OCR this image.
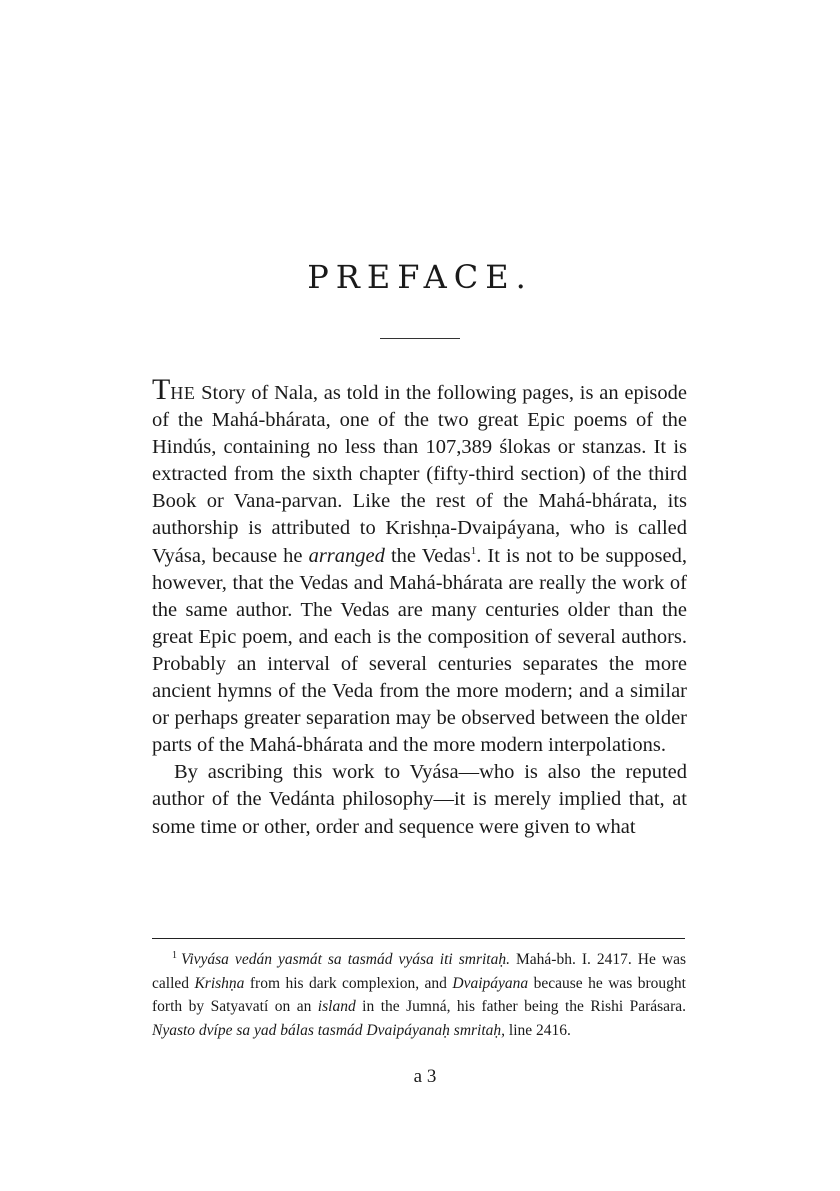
PREFACE.

THE Story of Nala, as told in the following pages, is an episode of the Mahá-bhárata, one of the two great Epic poems of the Hindús, containing no less than 107,389 ślokas or stanzas. It is extracted from the sixth chapter (fifty-third section) of the third Book or Vana-parvan. Like the rest of the Mahá-bhárata, its authorship is attributed to Krishṇa-Dvaipáyana, who is called Vyása, because he arranged the Vedas$^1$. It is not to be supposed, however, that the Vedas and Mahá-bhárata are really the work of the same author. The Vedas are many centuries older than the great Epic poem, and each is the composition of several authors. Probably an interval of several centuries separates the more ancient hymns of the Veda from the more modern; and a similar or perhaps greater separation may be observed between the older parts of the Mahá-bhárata and the more modern interpolations.

By ascribing this work to Vyása—who is also the reputed author of the Vedánta philosophy—it is merely implied that, at some time or other, order and sequence were given to what

$^1$ Vivyása vedán yasmát sa tasmád vyása iti smritaḥ. Mahá-bh. I. 2417. He was called Krishṇa from his dark complexion, and Dvaipáyana because he was brought forth by Satyavatí on an island in the Jumná, his father being the Rishi Parásara. Nyasto dvípe sa yad bálas tasmád Dvaipáyanaḥ smritaḥ, line 2416.

a 3
